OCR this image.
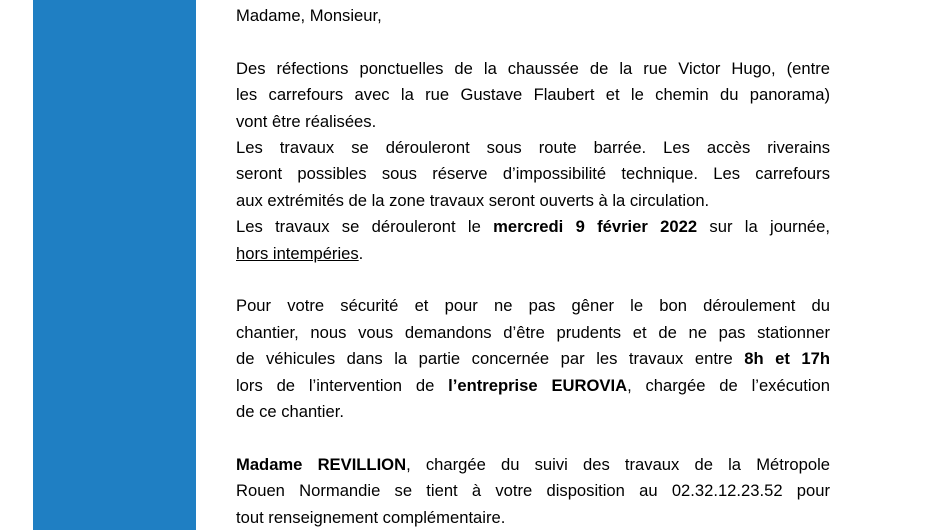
Madame, Monsieur,
Des réfections ponctuelles de la chaussée de la rue Victor Hugo, (entre
les carrefours avec la rue Gustave Flaubert et le chemin du panorama)
vont être réalisées.
Les travaux se dérouleront sous route barrée. Les accès riverains
seront possibles sous réserve d’impossibilité technique. Les carrefours
aux extrémités de la zone travaux seront ouverts à la circulation.
Les travaux se dérouleront le mercredi 9 février 2022 sur la journée,
hors intempéries.
Pour votre sécurité et pour ne pas gêner le bon déroulement du
chantier, nous vous demandons d’être prudents et de ne pas stationner
de véhicules dans la partie concernée par les travaux entre 8h et 17h
lors de l’intervention de l’entreprise EUROVIA, chargée de l’exécution
de ce chantier.
Madame REVILLION, chargée du suivi des travaux de la Métropole
Rouen Normandie se tient à votre disposition au 02.32.12.23.52 pour
tout renseignement complémentaire.
